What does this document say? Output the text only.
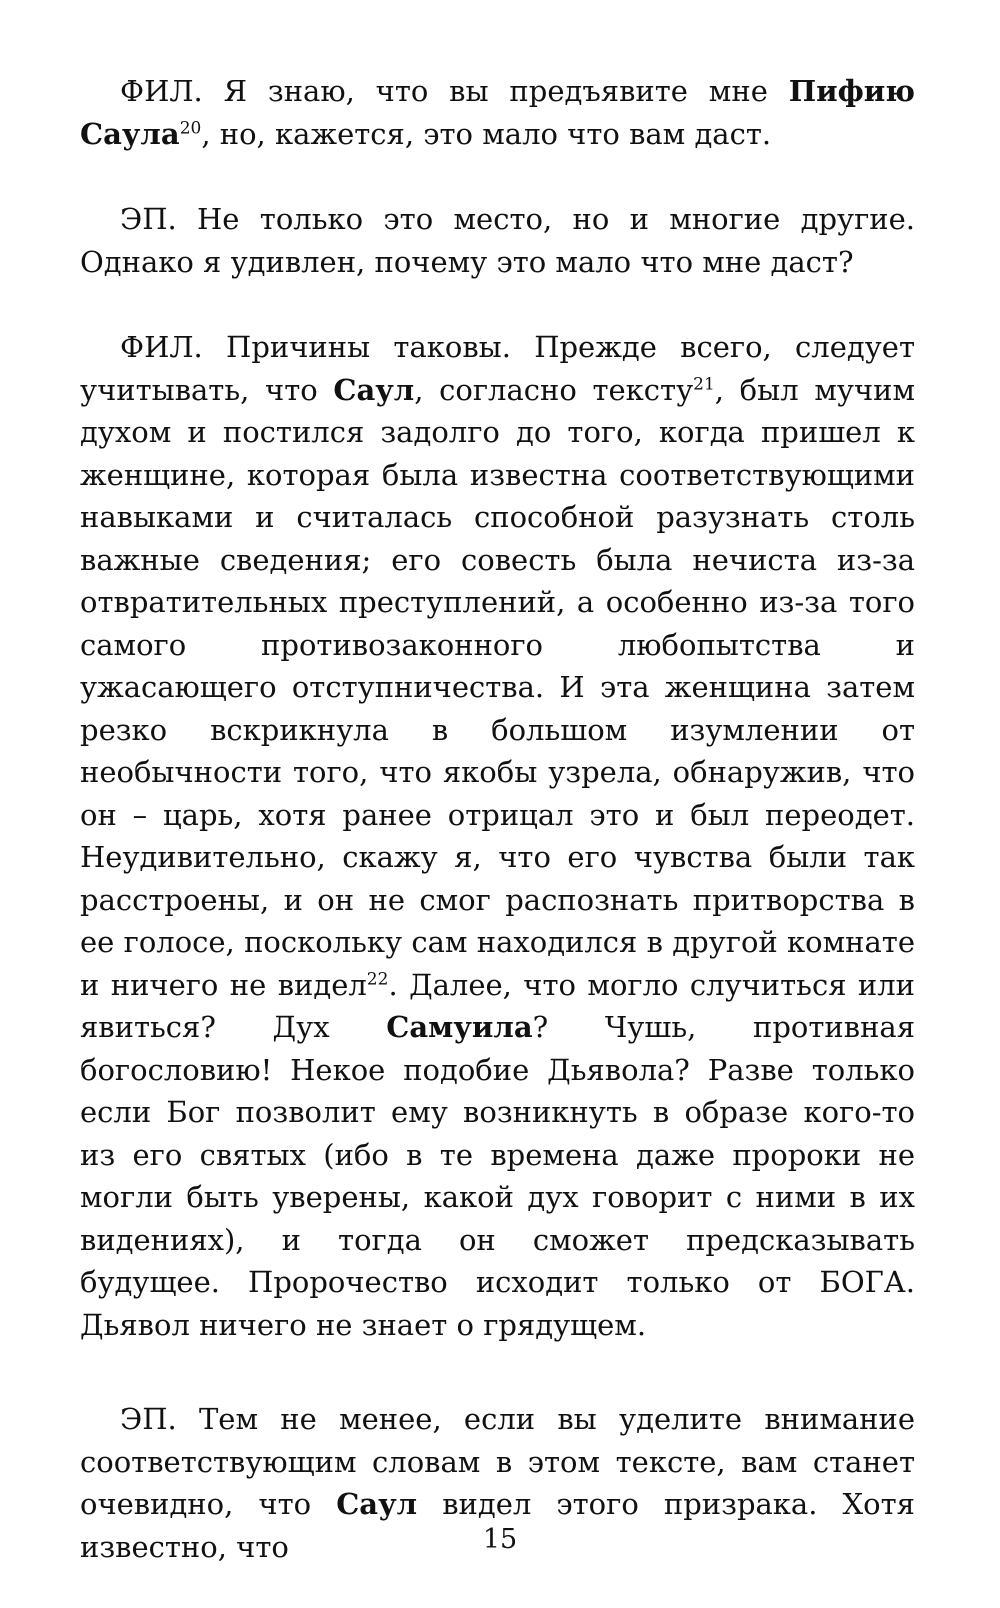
ФИЛ. Я знаю, что вы предъявите мне Пифию Саула$^{20}$, но, кажется, это мало что вам даст.

ЭП. Не только это место, но и многие другие. Однако я удивлен, почему это мало что мне даст?

ФИЛ. Причины таковы. Прежде всего, следует учитывать, что Саул, согласно тексту$^{21}$, был мучим духом и постился задолго до того, когда пришел к женщине, которая была известна соответствующими навыками и считалась способной разузнать столь важные сведения; его совесть была нечиста из-за отвратительных преступлений, а особенно из-за того самого противозаконного любопытства и ужасающего отступничества. И эта женщина затем резко вскрикнула в большом изумлении от необычности того, что якобы узрела, обнаружив, что он – царь, хотя ранее отрицал это и был переодет. Неудивительно, скажу я, что его чувства были так расстроены, и он не смог распознать притворства в ее голосе, поскольку сам находился в другой комнате и ничего не видел$^{22}$. Далее, что могло случиться или явиться? Дух Самуила? Чушь, противная богословию! Некое подобие Дьявола? Разве только если Бог позволит ему возникнуть в образе кого-то из его святых (ибо в те времена даже пророки не могли быть уверены, какой дух говорит с ними в их видениях), и тогда он сможет предсказывать будущее. Пророчество исходит только от БОГА. Дьявол ничего не знает о грядущем.

ЭП. Тем не менее, если вы уделите внимание соответствующим словам в этом тексте, вам станет очевидно, что Саул видел этого призрака. Хотя известно, что	15
